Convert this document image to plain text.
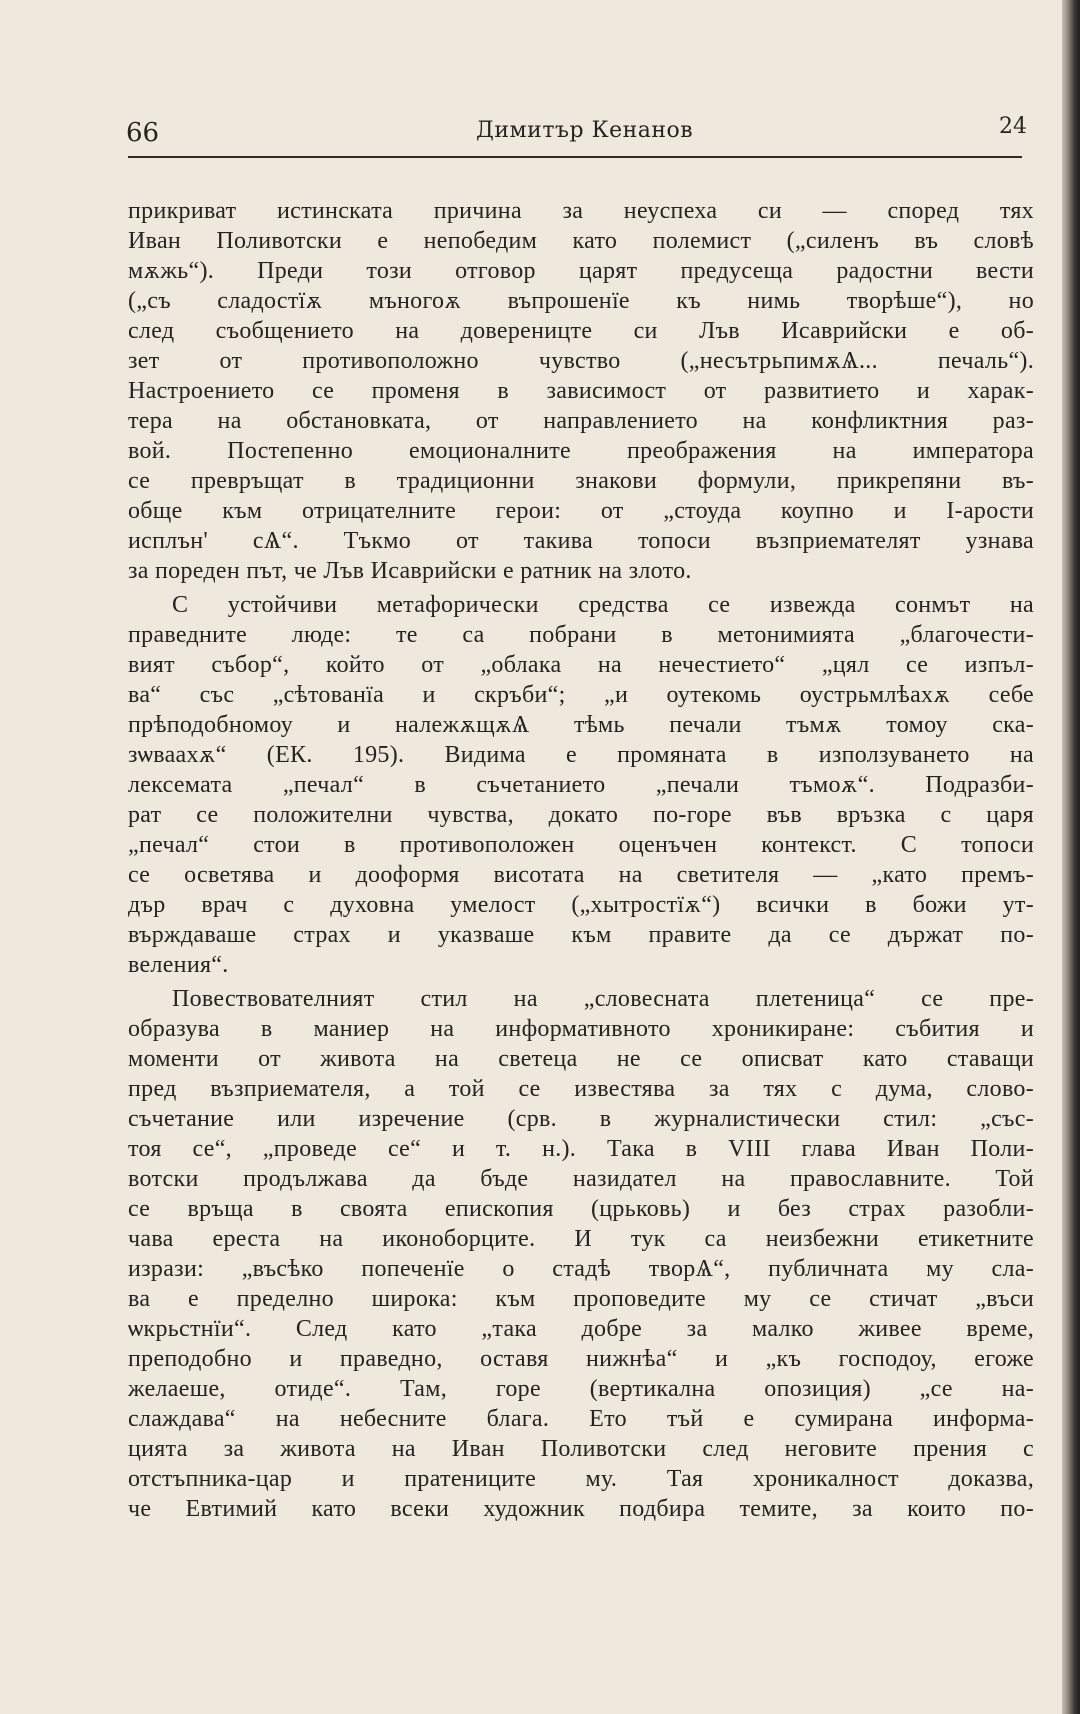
66	Димитър Кенанов	24
прикриват истинската причина за неуспеха си — според тях
Иван Поливотски е непобедим като полемист („силенъ въ словѣ
мѫжь“). Преди този отговор царят предусеща радостни вести
(„съ сладостїѫ мъногоѫ въпрошенїе къ нимь творѣше“), но
след съобщението на довереницте си Лъв Исаврийски е об-
зет от противоположно чувство („несътрьпимѫѦ... печаль“).
Настроението се променя в зависимост от развитието и харак-
тера на обстановката, от направлението на конфликтния раз-
вой. Постепенно емоционалните преображения на императора
се превръщат в традиционни знакови формули, прикрепяни въ-
обще към отрицателните герои: от „стоуда коупно и I-арости
исплън' сѦ“. Тъкмо от такива топоси възприемателят узнава
за пореден път, че Лъв Исаврийски е ратник на злото.
С устойчиви метафорически средства се извежда сонмът на
праведните люде: те са побрани в метонимията „благочести-
вият събор“, който от „облака на нечестието“ „цял се изпъл-
ва“ със „сѣтованїа и скръби“; „и оутекомь оустрьмлѣахѫ себе
прѣподобномоу и належѫщѫѦ тѣмь печали тъмѫ томоу ска-
зѡваахѫ“ (ЕК. 195). Видима е промяната в използуването на
лексемата „печал“ в съчетанието „печали тъмоѫ“. Подразби-
рат се положителни чувства, докато по-горе във връзка с царя
„печал“ стои в противоположен оценъчен контекст. С топоси
се осветява и дооформя висотата на светителя — „като премъ-
дър врач с духовна умелост („хытростїѫ“) всички в божи ут-
върждаваше страх и указваше към правите да се държат по-
веления“.
Повествователният стил на „словесната плетеница“ се пре-
образува в маниер на информативното хроникиране: събития и
моменти от живота на светеца не се описват като ставащи
пред възприемателя, а той се известява за тях с дума, слово-
съчетание или изречение (срв. в журналистически стил: „със-
тоя се“, „проведе се“ и т. н.). Така в VIII глава Иван Поли-
вотски продължава да бъде назидател на православните. Той
се връща в своята епископия (црьковь) и без страх разобли-
чава ереста на иконоборците. И тук са неизбежни етикетните
изрази: „въсѣко попеченїе о стадѣ творѦ“, публичната му сла-
ва е пределно широка: към проповедите му се стичат „въси
ѡкрьстнїи“. След като „така добре за малко живее време,
преподобно и праведно, оставя нижнѣа“ и „къ господоу, егоже
желаеше, отиде“. Там, горе (вертикална опозиция) „се на-
слаждава“ на небесните блага. Ето тъй е сумирана информа-
цията за живота на Иван Поливотски след неговите прения с
отстъпника-цар и пратениците му. Тая хроникалност доказва,
че Евтимий като всеки художник подбира темите, за които по-
